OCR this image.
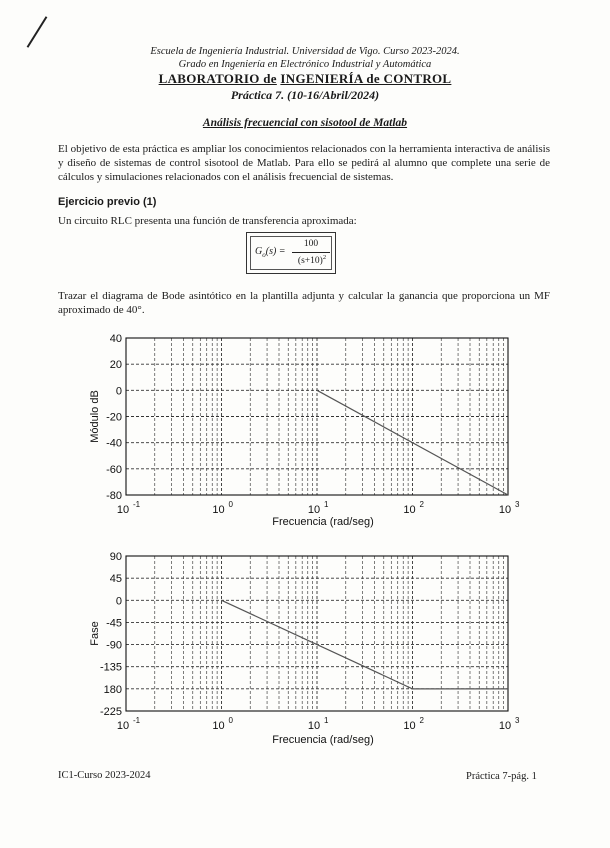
Escuela de Ingeniería Industrial. Universidad de Vigo. Curso 2023-2024.
Grado en Ingeniería en Electrónico Industrial y Automática
LABORATORIO de INGENIERÍA de CONTROL
Práctica 7. (10-16/Abril/2024)
Análisis frecuencial con sisotool de Matlab
El objetivo de esta práctica es ampliar los conocimientos relacionados con la herramienta interactiva de análisis y diseño de sistemas de control sisotool de Matlab. Para ello se pedirá al alumno que complete una serie de cálculos y simulaciones relacionados con el análisis frecuencial de sistemas.
Ejercicio previo (1)
Un circuito RLC presenta una función de transferencia aproximada:
$G_o(s)$ =
100
$(s+10)^2$
Trazar el diagrama de Bode asintótico en la plantilla adjunta y calcular la ganancia que proporciona un MF aproximado de 40°.
40
20
0
-20
-40
-60
-80
10 -1	10 0	10 1	10 2	10 3
Frecuencia (rad/seg)
Módulo dB
90
45
0
-45
-90
-135
180
-225
10 -1	10 0	10 1	10 2	10 3
Frecuencia (rad/seg)
Fase
IC1-Curso 2023-2024	Práctica 7-pág. 1
